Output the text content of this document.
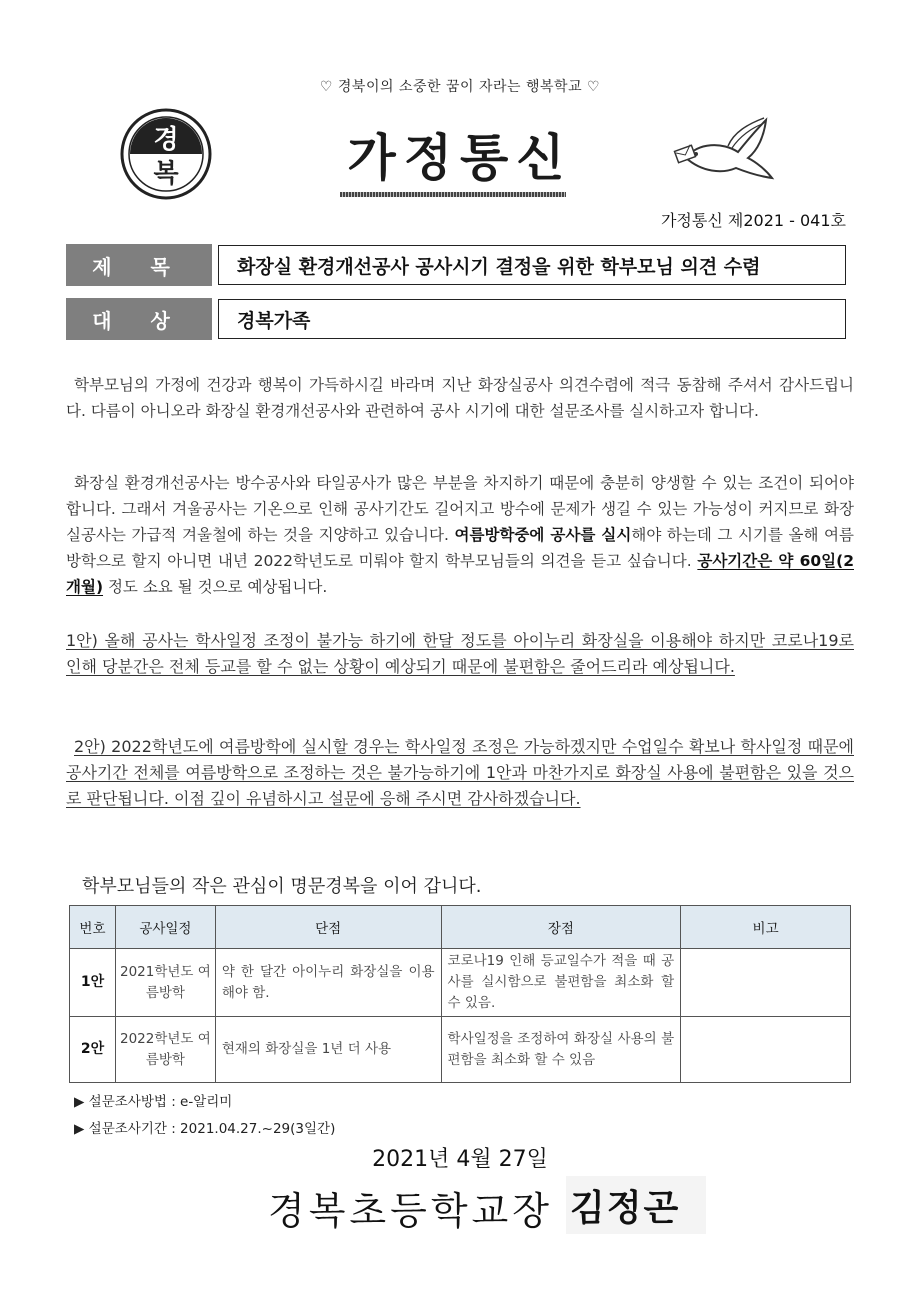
♡ 경북이의 소중한 꿈이 자라는 행복학교 ♡
경
복	가정통신
가정통신 제2021 - 041호
제 목	화장실 환경개선공사 공사시기 결정을 위한 학부모님 의견 수렴
대 상	경복가족
학부모님의 가정에 건강과 행복이 가득하시길 바라며 지난 화장실공사 의견수렴에 적극 동참해 주셔서 감사드립니다. 다름이 아니오라 화장실 환경개선공사와 관련하여 공사 시기에 대한 설문조사를 실시하고자 합니다.
화장실 환경개선공사는 방수공사와 타일공사가 많은 부분을 차지하기 때문에 충분히 양생할 수 있는 조건이 되어야 합니다. 그래서 겨울공사는 기온으로 인해 공사기간도 길어지고 방수에 문제가 생길 수 있는 가능성이 커지므로 화장실공사는 가급적 겨울철에 하는 것을 지양하고 있습니다. 여름방학중에 공사를 실시해야 하는데 그 시기를 올해 여름방학으로 할지 아니면 내년 2022학년도로 미뤄야 할지 학부모님들의 의견을 듣고 싶습니다. 공사기간은 약 60일(2개월) 정도 소요 될 것으로 예상됩니다.
1안) 올해 공사는 학사일정 조정이 불가능 하기에 한달 정도를 아이누리 화장실을 이용해야 하지만 코로나19로 인해 당분간은 전체 등교를 할 수 없는 상황이 예상되기 때문에 불편함은 줄어드리라 예상됩니다.
2안) 2022학년도에 여름방학에 실시할 경우는 학사일정 조정은 가능하겠지만 수업일수 확보나 학사일정 때문에 공사기간 전체를 여름방학으로 조정하는 것은 불가능하기에 1안과 마찬가지로 화장실 사용에 불편함은 있을 것으로 판단됩니다. 이점 깊이 유념하시고 설문에 응해 주시면 감사하겠습니다.
학부모님들의 작은 관심이 명문경복을 이어 갑니다.
번호	공사일정	단점	장점	비고
1안	2021학년도 여름방학	약 한 달간 아이누리 화장실을 이용해야 함.	코로나19 인해 등교일수가 적을 때 공사를 실시함으로 불편함을 최소화 할 수 있음.	
2안	2022학년도 여름방학	현재의 화장실을 1년 더 사용	학사일정을 조정하여 화장실 사용의 불편함을 최소화 할 수 있음	
▶ 설문조사방법 : e-알리미
▶ 설문조사기간 : 2021.04.27.~29(3일간)
2021년 4월 27일
경복초등학교장 김정곤
